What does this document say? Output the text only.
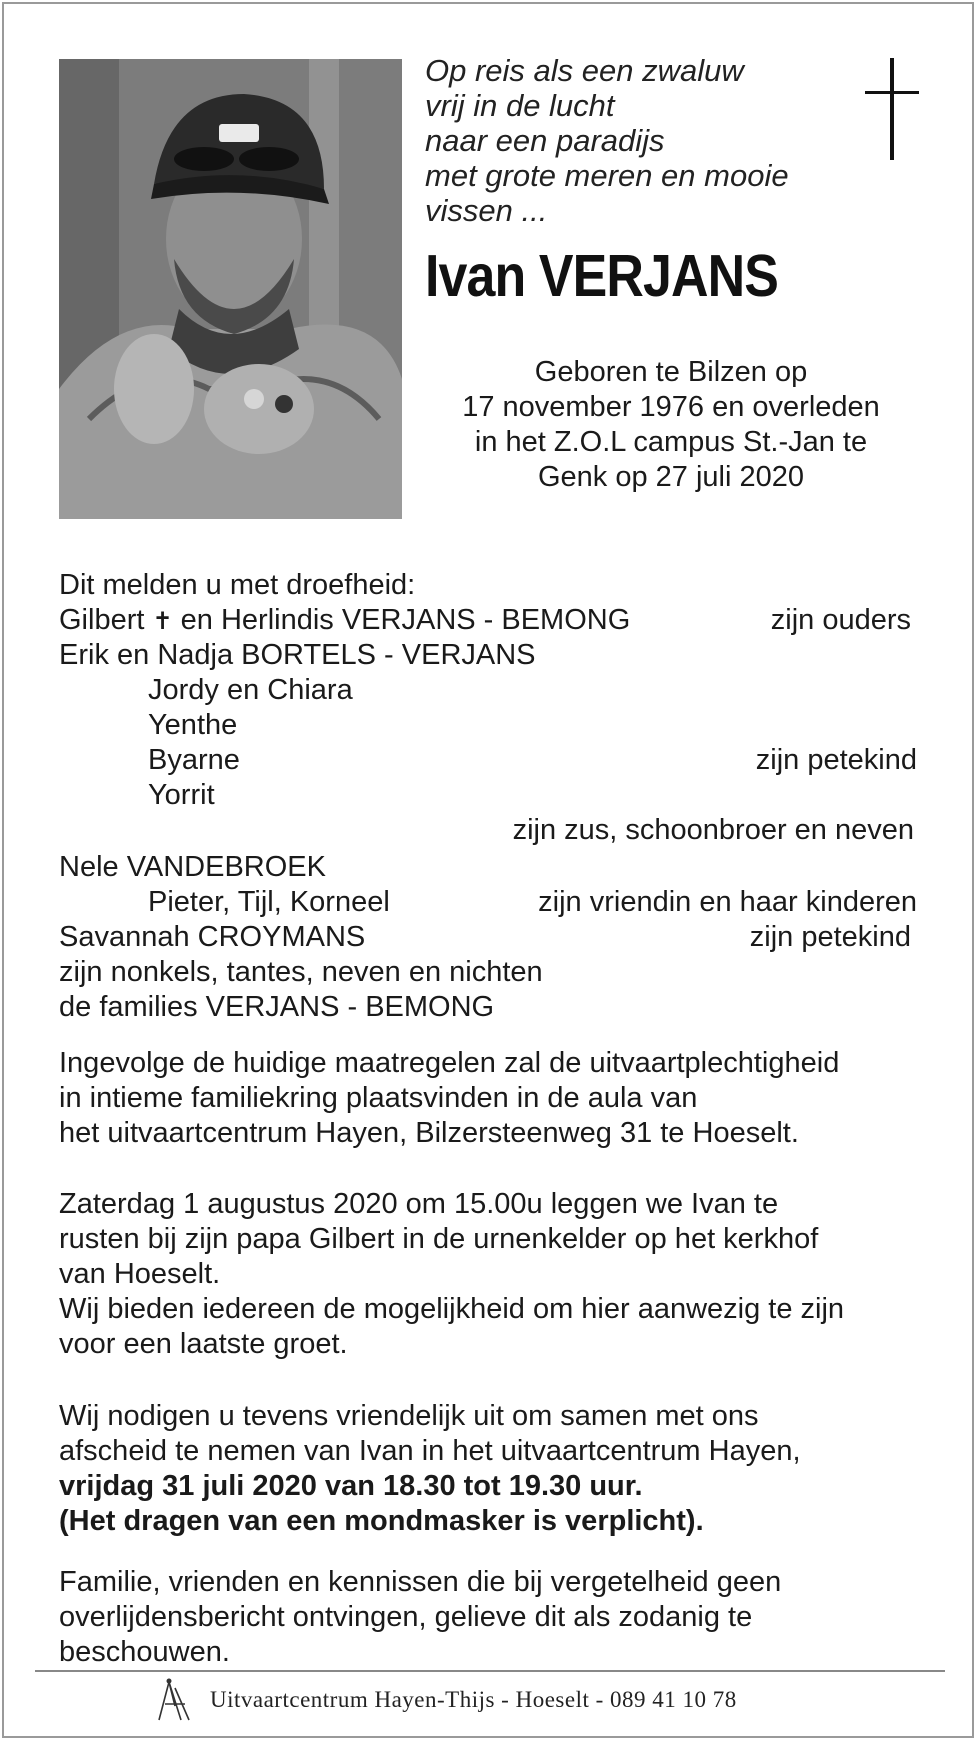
Op reis als een zwaluw
vrij in de lucht
naar een paradijs
met grote meren en mooie
vissen ...
Ivan VERJANS
Geboren te Bilzen op
17 november 1976 en overleden
in het Z.O.L campus St.-Jan te
Genk op 27 juli 2020
Dit melden u met droefheid:
Gilbert ✝ en Herlindis VERJANS - BEMONG	zijn ouders
Erik en Nadja BORTELS - VERJANS
Jordy en Chiara
Yenthe
Byarne	zijn petekind
Yorrit
zijn zus, schoonbroer en neven
Nele VANDEBROEK
Pieter, Tijl, Korneel	zijn vriendin en haar kinderen
Savannah CROYMANS	zijn petekind
zijn nonkels, tantes, neven en nichten
de families VERJANS - BEMONG
Ingevolge de huidige maatregelen zal de uitvaartplechtigheid
in intieme familiekring plaatsvinden in de aula van
het uitvaartcentrum Hayen, Bilzersteenweg 31 te Hoeselt.
Zaterdag 1 augustus 2020 om 15.00u leggen we Ivan te
rusten bij zijn papa Gilbert in de urnenkelder op het kerkhof
van Hoeselt.
Wij bieden iedereen de mogelijkheid om hier aanwezig te zijn
voor een laatste groet.
Wij nodigen u tevens vriendelijk uit om samen met ons
afscheid te nemen van Ivan in het uitvaartcentrum Hayen,
vrijdag 31 juli 2020 van 18.30 tot 19.30 uur.
(Het dragen van een mondmasker is verplicht).
Familie, vrienden en kennissen die bij vergetelheid geen
overlijdensbericht ontvingen, gelieve dit als zodanig te
beschouwen.
Uitvaartcentrum Hayen-Thijs - Hoeselt - 089 41 10 78
